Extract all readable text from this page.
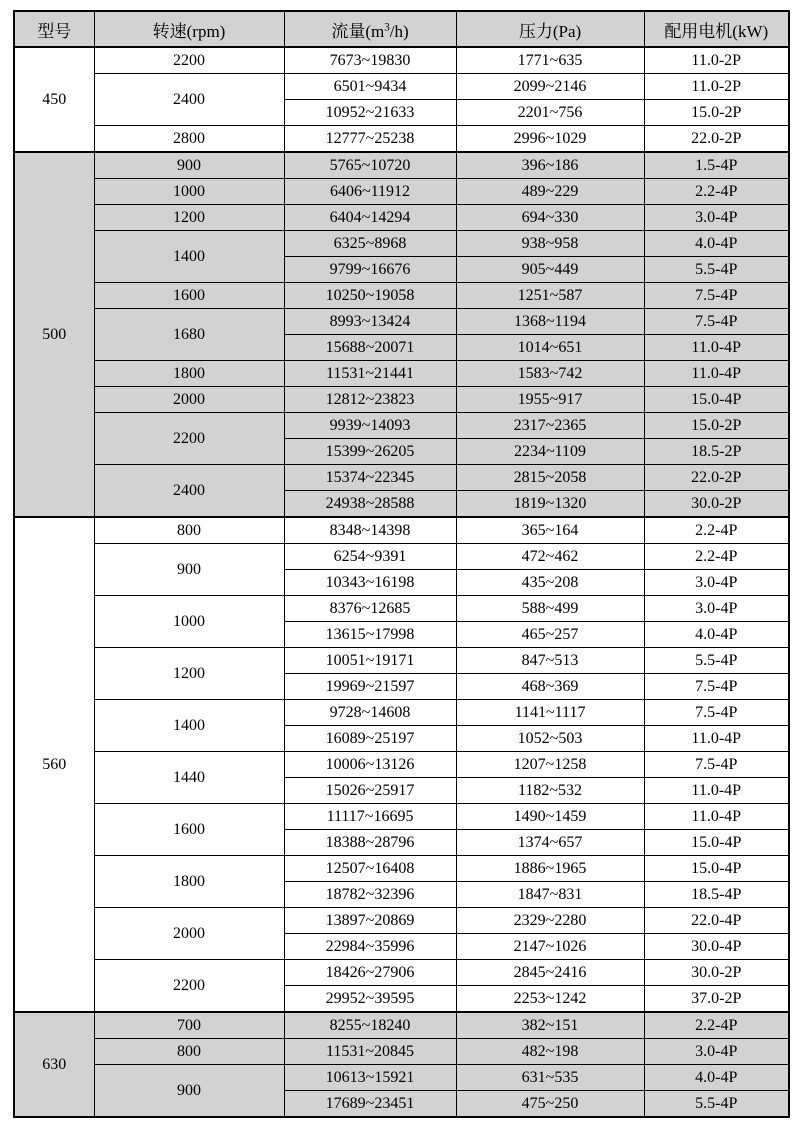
型号	转速(rpm)	流量$(m^3/h)$	压力(Pa)	配用电机(kW)
450	2200	7673~19830	1771~635	11.0-2P
	2400	6501~9434	2099~2146	11.0-2P
		10952~21633	2201~756	15.0-2P
	2800	12777~25238	2996~1029	22.0-2P
500	900	5765~10720	396~186	1.5-4P
	1000	6406~11912	489~229	2.2-4P
	1200	6404~14294	694~330	3.0-4P
	1400	6325~8968	938~958	4.0-4P
		9799~16676	905~449	5.5-4P
	1600	10250~19058	1251~587	7.5-4P
	1680	8993~13424	1368~1194	7.5-4P
		15688~20071	1014~651	11.0-4P
	1800	11531~21441	1583~742	11.0-4P
	2000	12812~23823	1955~917	15.0-4P
	2200	9939~14093	2317~2365	15.0-2P
		15399~26205	2234~1109	18.5-2P
	2400	15374~22345	2815~2058	22.0-2P
		24938~28588	1819~1320	30.0-2P
560	800	8348~14398	365~164	2.2-4P
	900	6254~9391	472~462	2.2-4P
		10343~16198	435~208	3.0-4P
	1000	8376~12685	588~499	3.0-4P
		13615~17998	465~257	4.0-4P
	1200	10051~19171	847~513	5.5-4P
		19969~21597	468~369	7.5-4P
	1400	9728~14608	1141~1117	7.5-4P
		16089~25197	1052~503	11.0-4P
	1440	10006~13126	1207~1258	7.5-4P
		15026~25917	1182~532	11.0-4P
	1600	11117~16695	1490~1459	11.0-4P
		18388~28796	1374~657	15.0-4P
	1800	12507~16408	1886~1965	15.0-4P
		18782~32396	1847~831	18.5-4P
	2000	13897~20869	2329~2280	22.0-4P
		22984~35996	2147~1026	30.0-4P
	2200	18426~27906	2845~2416	30.0-2P
		29952~39595	2253~1242	37.0-2P
630	700	8255~18240	382~151	2.2-4P
	800	11531~20845	482~198	3.0-4P
	900	10613~15921	631~535	4.0-4P
		17689~23451	475~250	5.5-4P
